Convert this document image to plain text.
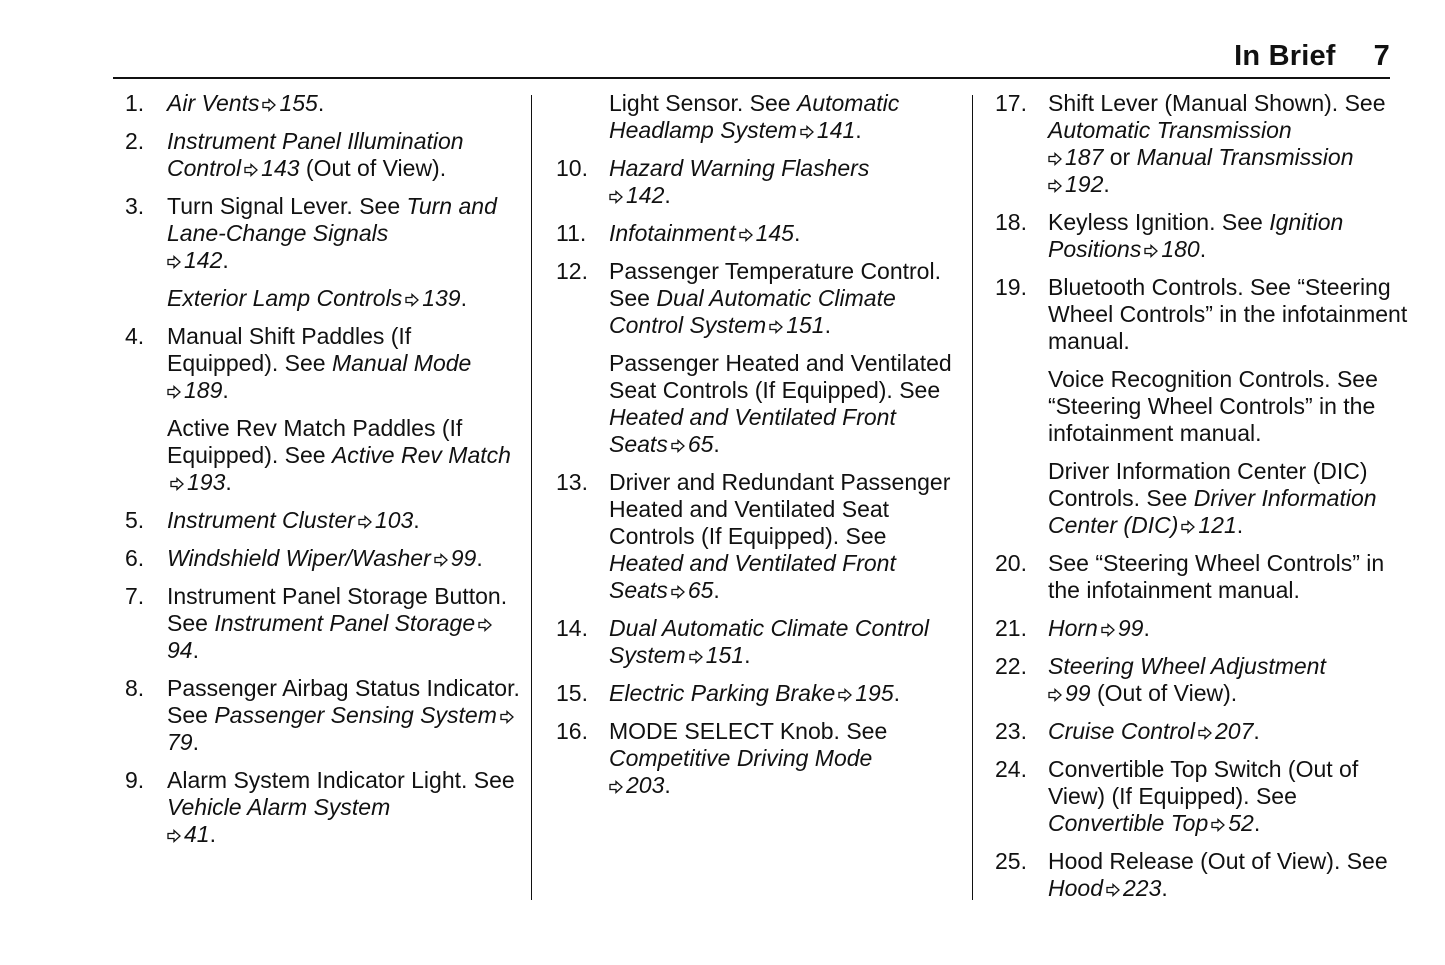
In Brief 7
1. Air Vents 155.
2. Instrument Panel Illumination Control 143 (Out of View).
3. Turn Signal Lever. See Turn and Lane-Change Signals
142.
Exterior Lamp Controls 139.
4. Manual Shift Paddles (If Equipped). See Manual Mode
189.
Active Rev Match Paddles (If Equipped). See Active Rev Match193.
5. Instrument Cluster 103.
6. Windshield Wiper/Washer 99.
7. Instrument Panel Storage Button. See Instrument Panel Storage94.
8. Passenger Airbag Status Indicator. See Passenger Sensing System79.
9. Alarm System Indicator Light. See Vehicle Alarm System
41.
Light Sensor. See Automatic Headlamp System 141.
10. Hazard Warning Flashers
142.
11. Infotainment 145.
12. Passenger Temperature Control. See Dual Automatic Climate Control System 151.
Passenger Heated and Ventilated Seat Controls (If Equipped). See Heated and Ventilated Front Seats 65.
13. Driver and Redundant Passenger Heated and Ventilated Seat Controls (If Equipped). See Heated and Ventilated Front Seats 65.
14. Dual Automatic Climate Control System 151.
15. Electric Parking Brake 195.
16. MODE SELECT Knob. See Competitive Driving Mode
203.
17. Shift Lever (Manual Shown). See Automatic Transmission
187 or Manual Transmission
192.
18. Keyless Ignition. See Ignition Positions 180.
19. Bluetooth Controls. See “Steering Wheel Controls” in the infotainment manual.
Voice Recognition Controls. See “Steering Wheel Controls” in the infotainment manual.
Driver Information Center (DIC) Controls. See Driver Information Center (DIC) 121.
20. See “Steering Wheel Controls” in the infotainment manual.
21. Horn 99.
22. Steering Wheel Adjustment
99 (Out of View).
23. Cruise Control 207.
24. Convertible Top Switch (Out of View) (If Equipped). See Convertible Top 52.
25. Hood Release (Out of View). See Hood 223.
